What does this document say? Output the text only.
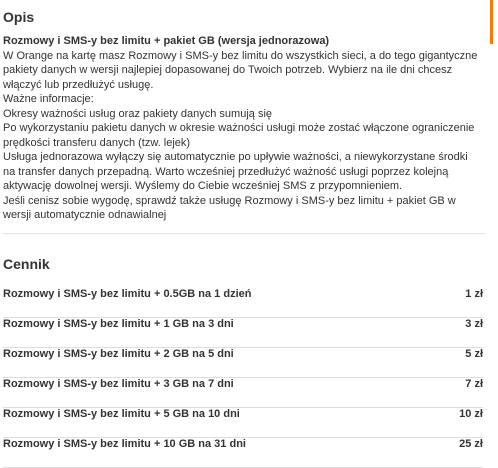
Opis
Rozmowy i SMS-y bez limitu + pakiet GB (wersja jednorazowa)
W Orange na kartę masz Rozmowy i SMS-y bez limitu do wszystkich sieci, a do tego gigantyczne
pakiety danych w wersji najlepiej dopasowanej do Twoich potrzeb. Wybierz na ile dni chcesz
włączyć lub przedłużyć usługę.
Ważne informacje:
Okresy ważności usług oraz pakiety danych sumują się
Po wykorzystaniu pakietu danych w okresie ważności usługi może zostać włączone ograniczenie
prędkości transferu danych (tzw. lejek)
Usługa jednorazowa wyłączy się automatycznie po upływie ważności, a niewykorzystane środki
na transfer danych przepadną. Warto wcześniej przedłużyć ważność usługi poprzez kolejną
aktywację dowolnej wersji. Wyślemy do Ciebie wcześniej SMS z przypomnieniem.
Jeśli cenisz sobie wygodę, sprawdź także usługę Rozmowy i SMS-y bez limitu + pakiet GB w
wersji automatycznie odnawialnej
Cennik
Rozmowy i SMS-y bez limitu + 0.5GB na 1 dzień	1 zł
Rozmowy i SMS-y bez limitu + 1 GB na 3 dni	3 zł
Rozmowy i SMS-y bez limitu + 2 GB na 5 dni	5 zł
Rozmowy i SMS-y bez limitu + 3 GB na 7 dni	7 zł
Rozmowy i SMS-y bez limitu + 5 GB na 10 dni	10 zł
Rozmowy i SMS-y bez limitu + 10 GB na 31 dni	25 zł
